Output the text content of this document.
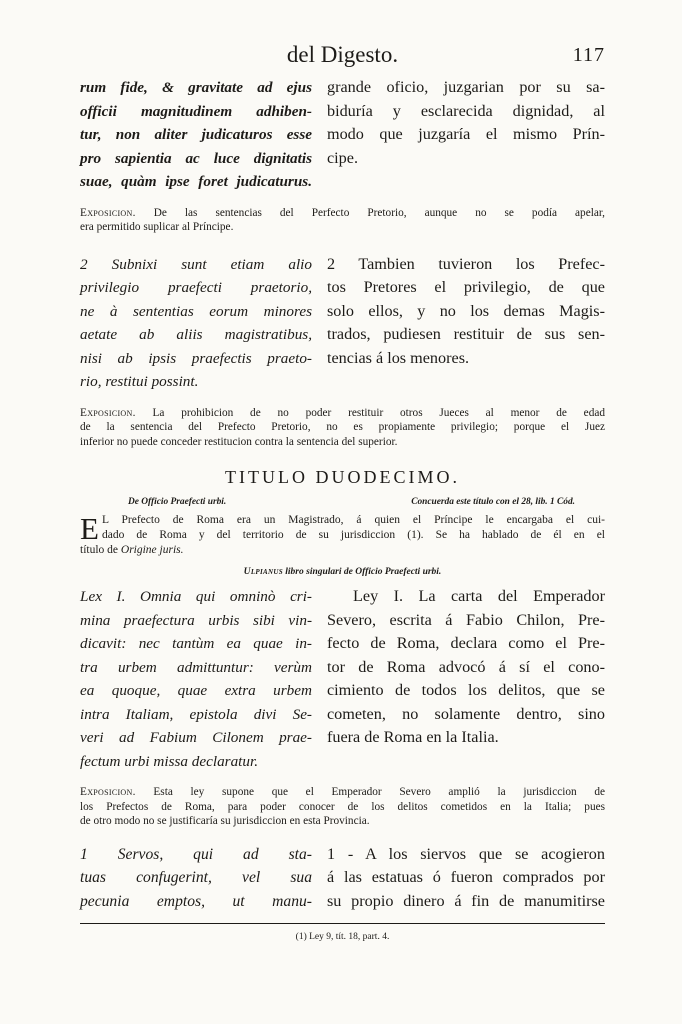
del Digesto.	117
rum fide, & gravitate ad ejus
officii magnitudinem adhiben-
tur, non aliter judicaturos esse
pro sapientia ac luce dignitatis
suae, quàm ipse foret judicaturus.
grande oficio, juzgarian por su sa-
biduría y esclarecida dignidad, al
modo que juzgaría el mismo Prín-
cipe.
Exposicion. De las sentencias del Perfecto Pretorio, aunque no se podía apelar,
era permitido suplicar al Príncipe.
2 Subnixi sunt etiam alio
privilegio praefecti praetorio,
ne à sententias eorum minores
aetate ab aliis magistratibus,
nisi ab ipsis praefectis praeto-
rio, restitui possint.
2 Tambien tuvieron los Prefec-
tos Pretores el privilegio, de que
solo ellos, y no los demas Magis-
trados, pudiesen restituir de sus sen-
tencias á los menores.
Exposicion. La prohibicion de no poder restituir otros Jueces al menor de edad
de la sentencia del Prefecto Pretorio, no es propiamente privilegio; porque el Juez
inferior no puede conceder restitucion contra la sentencia del superior.
TITULO DUODECIMO.
De Officio Praefecti urbi.	Concuerda este título con el 28, lib. 1 Cód.
E L Prefecto de Roma era un Magistrado, á quien el Príncipe le encargaba el cui-
dado de Roma y del territorio de su jurisdiccion (1). Se ha hablado de él en el
título de Origine juris.
Ulpianus libro singulari de Officio Praefecti urbi.
Lex I. Omnia qui omninò cri-
mina praefectura urbis sibi vin-
dicavit: nec tantùm ea quae in-
tra urbem admittuntur: verùm
ea quoque, quae extra urbem
intra Italiam, epistola divi Se-
veri ad Fabium Cilonem prae-
fectum urbi missa declaratur.
Ley I. La carta del Emperador
Severo, escrita á Fabio Chilon, Pre-
fecto de Roma, declara como el Pre-
tor de Roma advocó á sí el cono-
cimiento de todos los delitos, que se
cometen, no solamente dentro, sino
fuera de Roma en la Italia.
Exposicion. Esta ley supone que el Emperador Severo amplió la jurisdiccion de
los Prefectos de Roma, para poder conocer de los delitos cometidos en la Italia; pues
de otro modo no se justificaría su jurisdiccion en esta Provincia.
1 Servos, qui ad sta-
tuas confugerint, vel sua
pecunia emptos, ut manu-
1 - A los siervos que se acogieron
á las estatuas ó fueron comprados por
su propio dinero á fin de manumitirse
(1) Ley 9, tít. 18, part. 4.
